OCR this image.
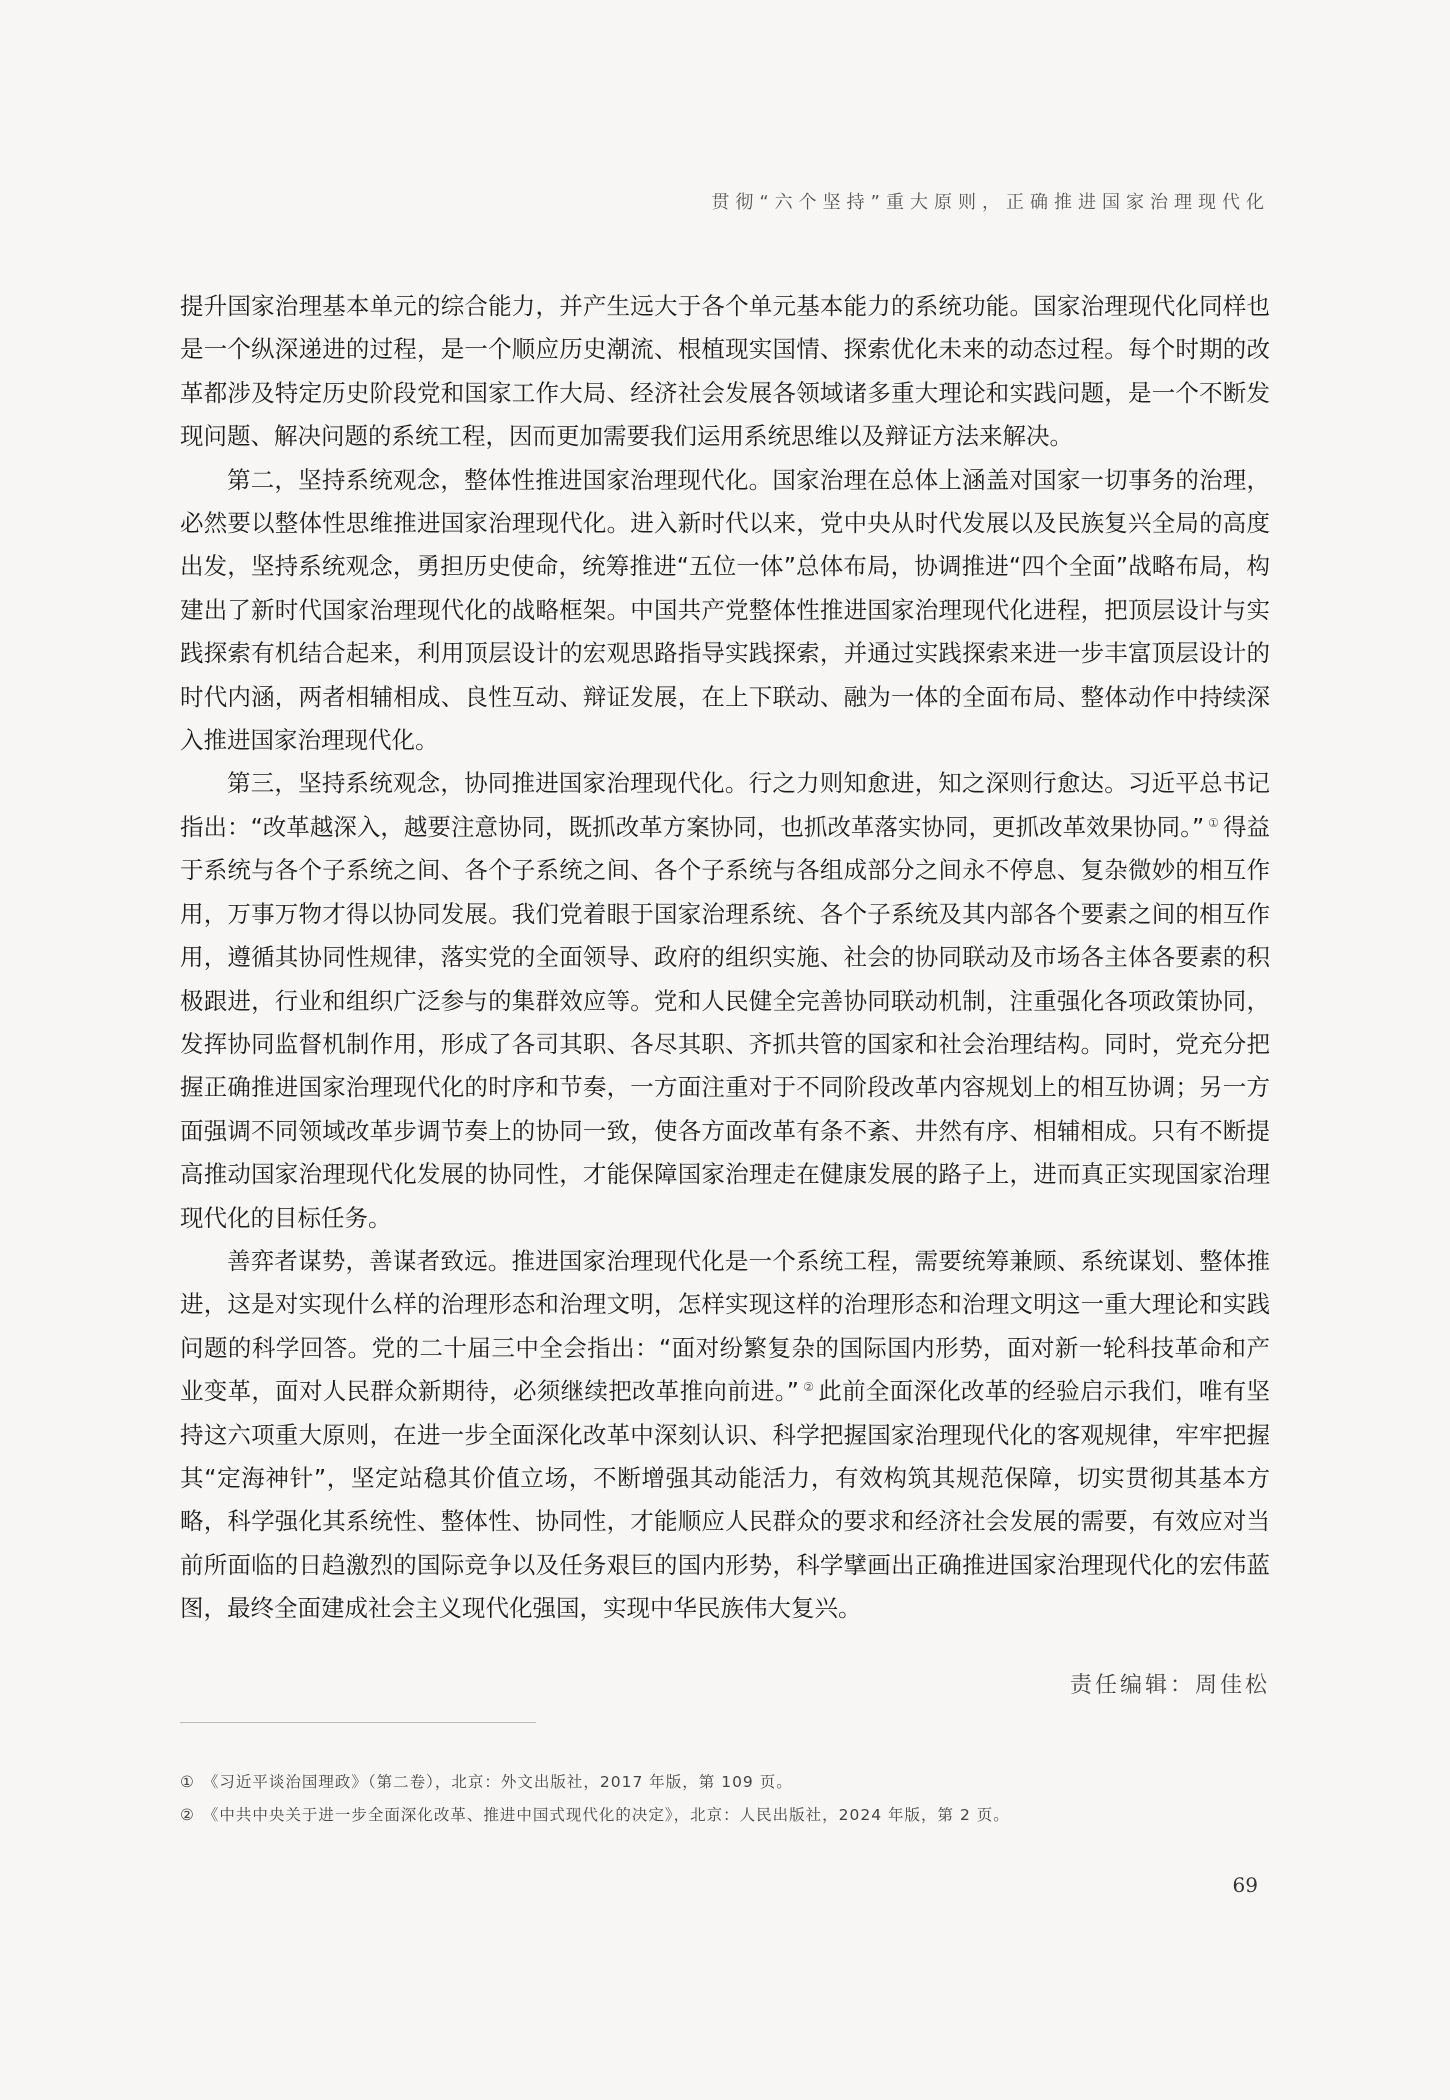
贯彻“六个坚持”重大原则，正确推进国家治理现代化

提升国家治理基本单元的综合能力，并产生远大于各个单元基本能力的系统功能。国家治理现代化同样也是一个纵深递进的过程，是一个顺应历史潮流、根植现实国情、探索优化未来的动态过程。每个时期的改革都涉及特定历史阶段党和国家工作大局、经济社会发展各领域诸多重大理论和实践问题，是一个不断发现问题、解决问题的系统工程，因而更加需要我们运用系统思维以及辩证方法来解决。

第二，坚持系统观念，整体性推进国家治理现代化。国家治理在总体上涵盖对国家一切事务的治理，必然要以整体性思维推进国家治理现代化。进入新时代以来，党中央从时代发展以及民族复兴全局的高度出发，坚持系统观念，勇担历史使命，统筹推进“五位一体”总体布局，协调推进“四个全面”战略布局，构建出了新时代国家治理现代化的战略框架。中国共产党整体性推进国家治理现代化进程，把顶层设计与实践探索有机结合起来，利用顶层设计的宏观思路指导实践探索，并通过实践探索来进一步丰富顶层设计的时代内涵，两者相辅相成、良性互动、辩证发展，在上下联动、融为一体的全面布局、整体动作中持续深入推进国家治理现代化。

第三，坚持系统观念，协同推进国家治理现代化。行之力则知愈进，知之深则行愈达。习近平总书记指出：“改革越深入，越要注意协同，既抓改革方案协同，也抓改革落实协同，更抓改革效果协同。” ① 得益于系统与各个子系统之间、各个子系统之间、各个子系统与各组成部分之间永不停息、复杂微妙的相互作用，万事万物才得以协同发展。我们党着眼于国家治理系统、各个子系统及其内部各个要素之间的相互作用，遵循其协同性规律，落实党的全面领导、政府的组织实施、社会的协同联动及市场各主体各要素的积极跟进，行业和组织广泛参与的集群效应等。党和人民健全完善协同联动机制，注重强化各项政策协同，发挥协同监督机制作用，形成了各司其职、各尽其职、齐抓共管的国家和社会治理结构。同时，党充分把握正确推进国家治理现代化的时序和节奏，一方面注重对于不同阶段改革内容规划上的相互协调；另一方面强调不同领域改革步调节奏上的协同一致，使各方面改革有条不紊、井然有序、相辅相成。只有不断提高推动国家治理现代化发展的协同性，才能保障国家治理走在健康发展的路子上，进而真正实现国家治理现代化的目标任务。

善弈者谋势，善谋者致远。推进国家治理现代化是一个系统工程，需要统筹兼顾、系统谋划、整体推进，这是对实现什么样的治理形态和治理文明，怎样实现这样的治理形态和治理文明这一重大理论和实践问题的科学回答。党的二十届三中全会指出：“面对纷繁复杂的国际国内形势，面对新一轮科技革命和产业变革，面对人民群众新期待，必须继续把改革推向前进。” ② 此前全面深化改革的经验启示我们，唯有坚持这六项重大原则，在进一步全面深化改革中深刻认识、科学把握国家治理现代化的客观规律，牢牢把握其“定海神针”，坚定站稳其价值立场，不断增强其动能活力，有效构筑其规范保障，切实贯彻其基本方略，科学强化其系统性、整体性、协同性，才能顺应人民群众的要求和经济社会发展的需要，有效应对当前所面临的日趋激烈的国际竞争以及任务艰巨的国内形势，科学擘画出正确推进国家治理现代化的宏伟蓝图，最终全面建成社会主义现代化强国，实现中华民族伟大复兴。

责任编辑：周佳松
① 《习近平谈治国理政》（第二卷），北京：外文出版社，2017 年版，第 109 页。
② 《中共中央关于进一步全面深化改革、推进中国式现代化的决定》，北京：人民出版社，2024 年版，第 2 页。
69
